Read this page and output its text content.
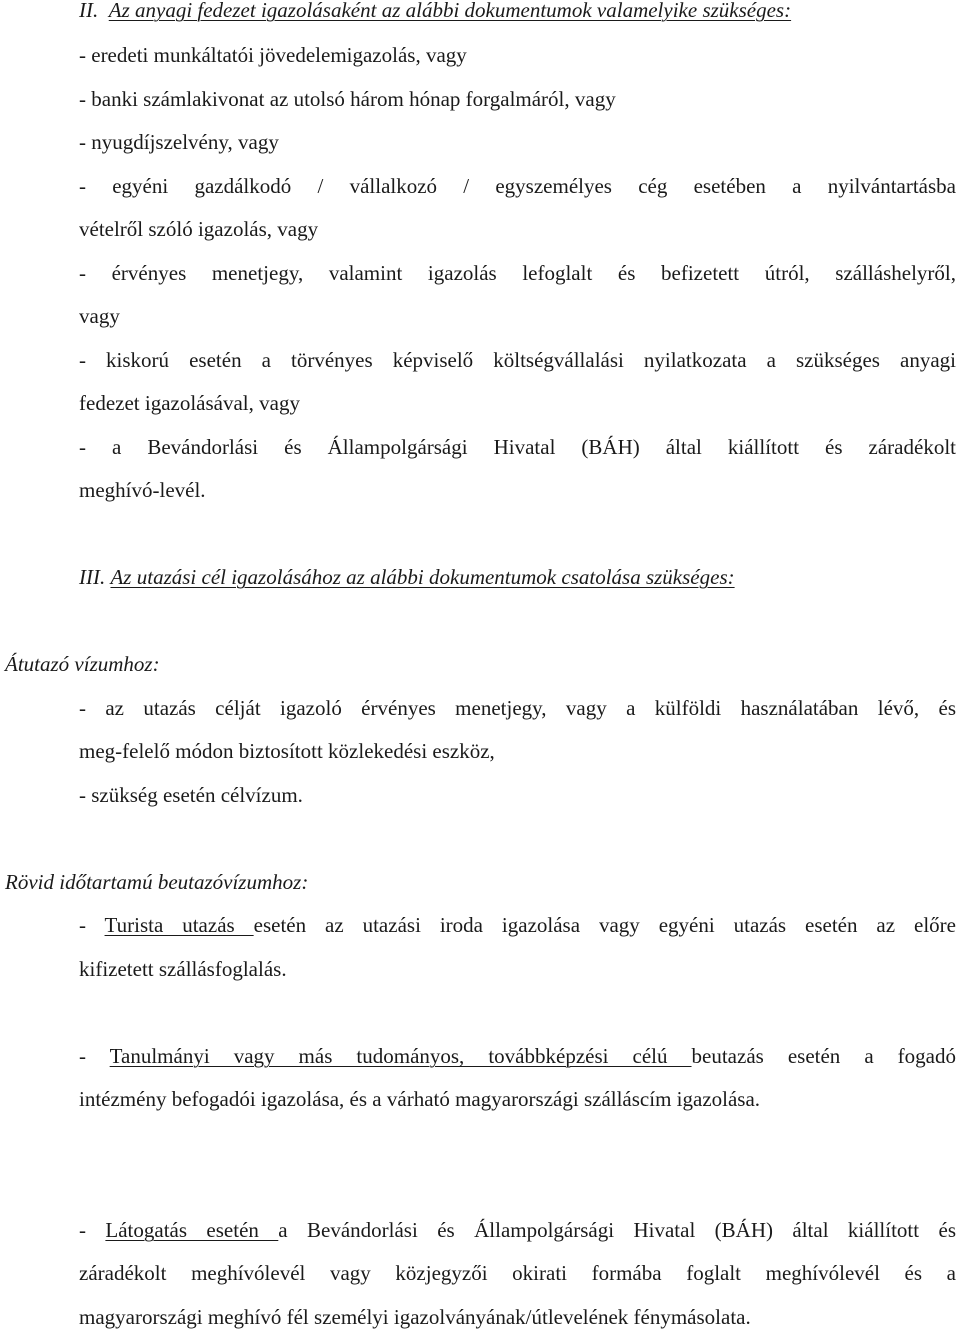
II. Az anyagi fedezet igazolásaként az alábbi dokumentumok valamelyike szükséges:
- eredeti munkáltatói jövedelemigazolás, vagy
- banki számlakivonat az utolsó három hónap forgalmáról, vagy
- nyugdíjszelvény, vagy
- egyéni gazdálkodó / vállalkozó / egyszemélyes cég esetében a nyilvántartásba
vételről szóló igazolás, vagy
- érvényes menetjegy, valamint igazolás lefoglalt és befizetett útról, szálláshelyről,
vagy
- kiskorú esetén a törvényes képviselő költségvállalási nyilatkozata a szükséges anyagi
fedezet igazolásával, vagy
- a Bevándorlási és Állampolgársági Hivatal (BÁH) által kiállított és záradékolt
meghívó-levél.
III. Az utazási cél igazolásához az alábbi dokumentumok csatolása szükséges:
Átutazó vízumhoz:
- az utazás célját igazoló érvényes menetjegy, vagy a külföldi használatában lévő, és
meg-felelő módon biztosított közlekedési eszköz,
- szükség esetén célvízum.
Rövid időtartamú beutazóvízumhoz:
- Turista utazás esetén az utazási iroda igazolása vagy egyéni utazás esetén az előre
kifizetett szállásfoglalás.
- Tanulmányi vagy más tudományos, továbbképzési célú beutazás esetén a fogadó
intézmény befogadói igazolása, és a várható magyarországi szálláscím igazolása.
- Látogatás esetén a Bevándorlási és Állampolgársági Hivatal (BÁH) által kiállított és
záradékolt meghívólevél vagy közjegyzői okirati formába foglalt meghívólevél és a
magyarországi meghívó fél személyi igazolványának/útlevelének fénymásolata.
